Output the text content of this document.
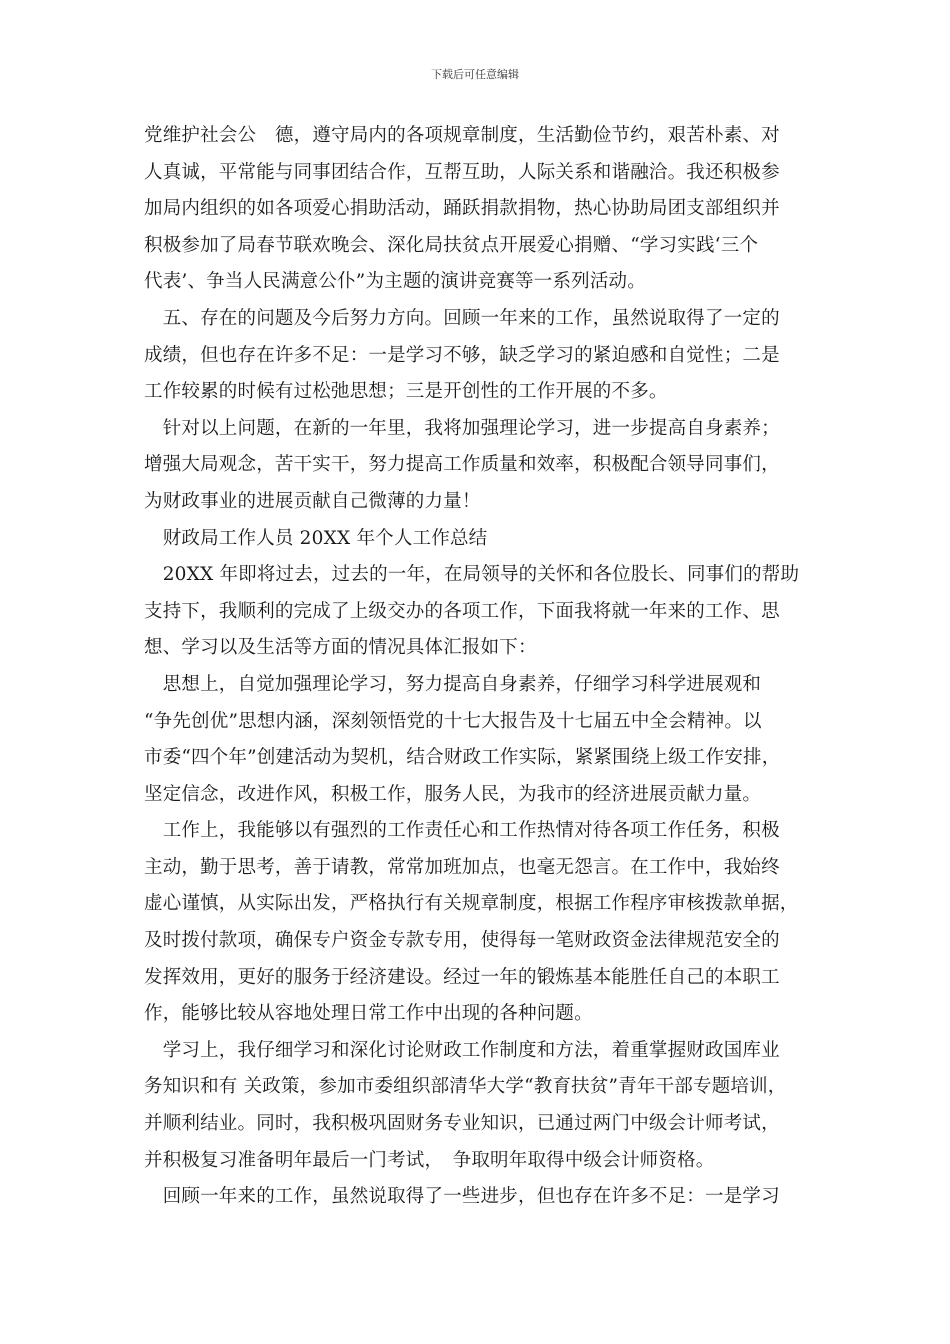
下载后可任意编辑
党维护社会公　德，遵守局内的各项规章制度，生活勤俭节约，艰苦朴素、对
人真诚，平常能与同事团结合作，互帮互助，人际关系和谐融洽。我还积极参
加局内组织的如各项爱心捐助活动，踊跃捐款捐物，热心协助局团支部组织并
积极参加了局春节联欢晚会、深化局扶贫点开展爱心捐赠、“学习实践‘三个
代表’、争当人民满意公仆”为主题的演讲竞赛等一系列活动。
　五、存在的问题及今后努力方向。回顾一年来的工作，虽然说取得了一定的
成绩，但也存在许多不足：一是学习不够，缺乏学习的紧迫感和自觉性；二是
工作较累的时候有过松弛思想；三是开创性的工作开展的不多。
　针对以上问题，在新的一年里，我将加强理论学习，进一步提高自身素养；
增强大局观念，苦干实干，努力提高工作质量和效率，积极配合领导同事们，
为财政事业的进展贡献自己微薄的力量！
　财政局工作人员 20XX 年个人工作总结
　20XX 年即将过去，过去的一年，在局领导的关怀和各位股长、同事们的帮助
支持下，我顺利的完成了上级交办的各项工作，下面我将就一年来的工作、思
想、学习以及生活等方面的情况具体汇报如下：
　思想上，自觉加强理论学习，努力提高自身素养，仔细学习科学进展观和
“争先创优”思想内涵，深刻领悟党的十七大报告及十七届五中全会精神。以
市委“四个年”创建活动为契机，结合财政工作实际，紧紧围绕上级工作安排，
坚定信念，改进作风，积极工作，服务人民，为我市的经济进展贡献力量。
　工作上，我能够以有强烈的工作责任心和工作热情对待各项工作任务，积极
主动，勤于思考，善于请教，常常加班加点，也毫无怨言。在工作中，我始终
虚心谨慎，从实际出发，严格执行有关规章制度，根据工作程序审核拨款单据，
及时拨付款项，确保专户资金专款专用，使得每一笔财政资金法律规范安全的
发挥效用，更好的服务于经济建设。经过一年的锻炼基本能胜任自己的本职工
作，能够比较从容地处理日常工作中出现的各种问题。
　学习上，我仔细学习和深化讨论财政工作制度和方法，着重掌握财政国库业
务知识和有 关政策，参加市委组织部清华大学“教育扶贫”青年干部专题培训，
并顺利结业。同时，我积极巩固财务专业知识，已通过两门中级会计师考试，
并积极复习准备明年最后一门考试，　争取明年取得中级会计师资格。
　回顾一年来的工作，虽然说取得了一些进步，但也存在许多不足：一是学习
